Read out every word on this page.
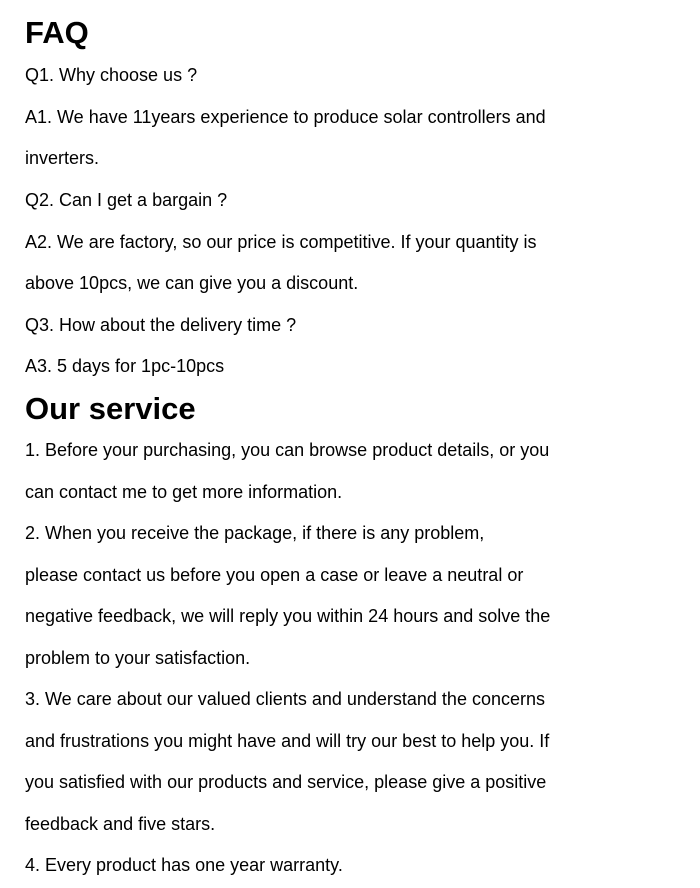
FAQ
Q1. Why choose us ?
A1. We have 11years experience to produce solar controllers and
inverters.
Q2. Can I get a bargain ?
A2. We are factory, so our price is competitive. If your quantity is
above 10pcs, we can give you a discount.
Q3. How about the delivery time ?
A3. 5 days for 1pc-10pcs
Our service
1. Before your purchasing, you can browse product details, or you
can contact me to get more information.
2. When you receive the package, if there is any problem,
please contact us before you open a case or leave a neutral or
negative feedback, we will reply you within 24 hours and solve the
problem to your satisfaction.
3. We care about our valued clients and understand the concerns
and frustrations you might have and will try our best to help you. If
you satisfied with our products and service, please give a positive
feedback and five stars.
4. Every product has one year warranty.
